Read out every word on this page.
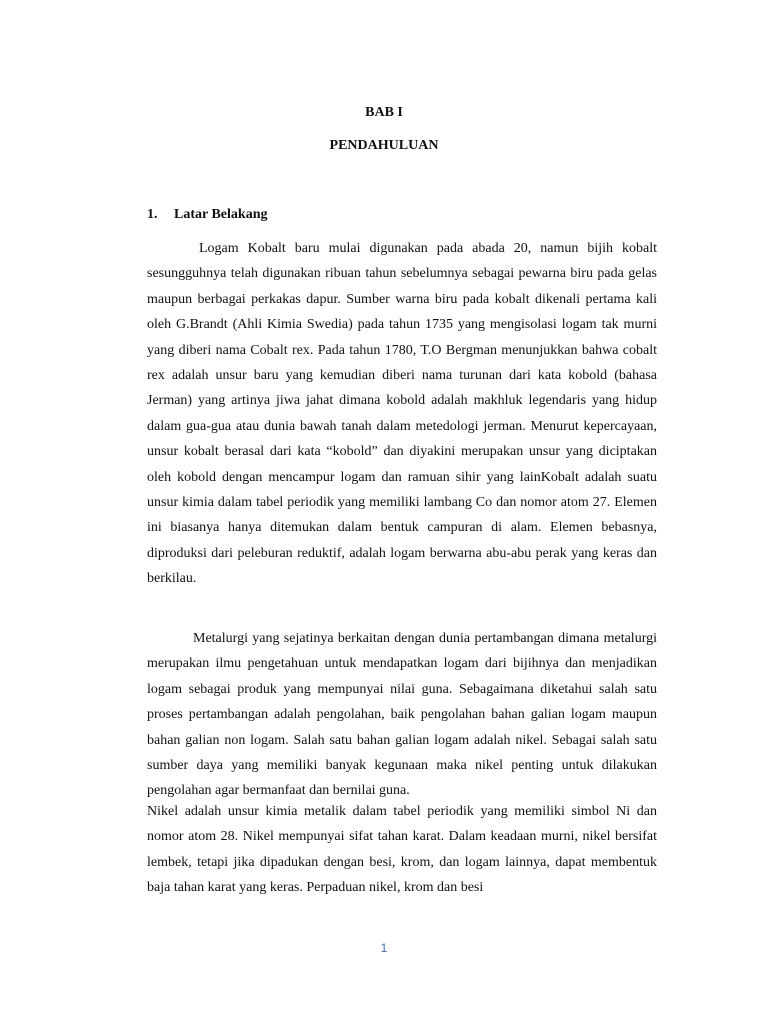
BAB I
PENDAHULUAN
1. Latar Belakang

Logam Kobalt baru mulai digunakan pada abada 20, namun bijih kobalt sesungguhnya telah digunakan ribuan tahun sebelumnya sebagai pewarna biru pada gelas maupun berbagai perkakas dapur. Sumber warna biru pada kobalt dikenali pertama kali oleh G.Brandt (Ahli Kimia Swedia) pada tahun 1735 yang mengisolasi logam tak murni yang diberi nama Cobalt rex. Pada tahun 1780, T.O Bergman menunjukkan bahwa cobalt rex adalah unsur baru yang kemudian diberi nama turunan dari kata kobold (bahasa Jerman) yang artinya jiwa jahat dimana kobold adalah makhluk legendaris yang hidup dalam gua-gua atau dunia bawah tanah dalam metedologi jerman. Menurut kepercayaan, unsur kobalt berasal dari kata “kobold” dan diyakini merupakan unsur yang diciptakan oleh kobold dengan mencampur logam dan ramuan sihir yang lainKobalt adalah suatu unsur kimia dalam tabel periodik yang memiliki lambang Co dan nomor atom 27. Elemen ini biasanya hanya ditemukan dalam bentuk campuran di alam. Elemen bebasnya, diproduksi dari peleburan reduktif, adalah logam berwarna abu-abu perak yang keras dan berkilau.

Metalurgi yang sejatinya berkaitan dengan dunia pertambangan dimana metalurgi merupakan ilmu pengetahuan untuk mendapatkan logam dari bijihnya dan menjadikan logam sebagai produk yang mempunyai nilai guna. Sebagaimana diketahui salah satu proses pertambangan adalah pengolahan, baik pengolahan bahan galian logam maupun bahan galian non logam. Salah satu bahan galian logam adalah nikel. Sebagai salah satu sumber daya yang memiliki banyak kegunaan maka nikel penting untuk dilakukan pengolahan agar bermanfaat dan bernilai guna.

Nikel adalah unsur kimia metalik dalam tabel periodik yang memiliki simbol Ni dan nomor atom 28. Nikel mempunyai sifat tahan karat. Dalam keadaan murni, nikel bersifat lembek, tetapi jika dipadukan dengan besi, krom, dan logam lainnya, dapat membentuk baja tahan karat yang keras. Perpaduan nikel, krom dan besi

1
